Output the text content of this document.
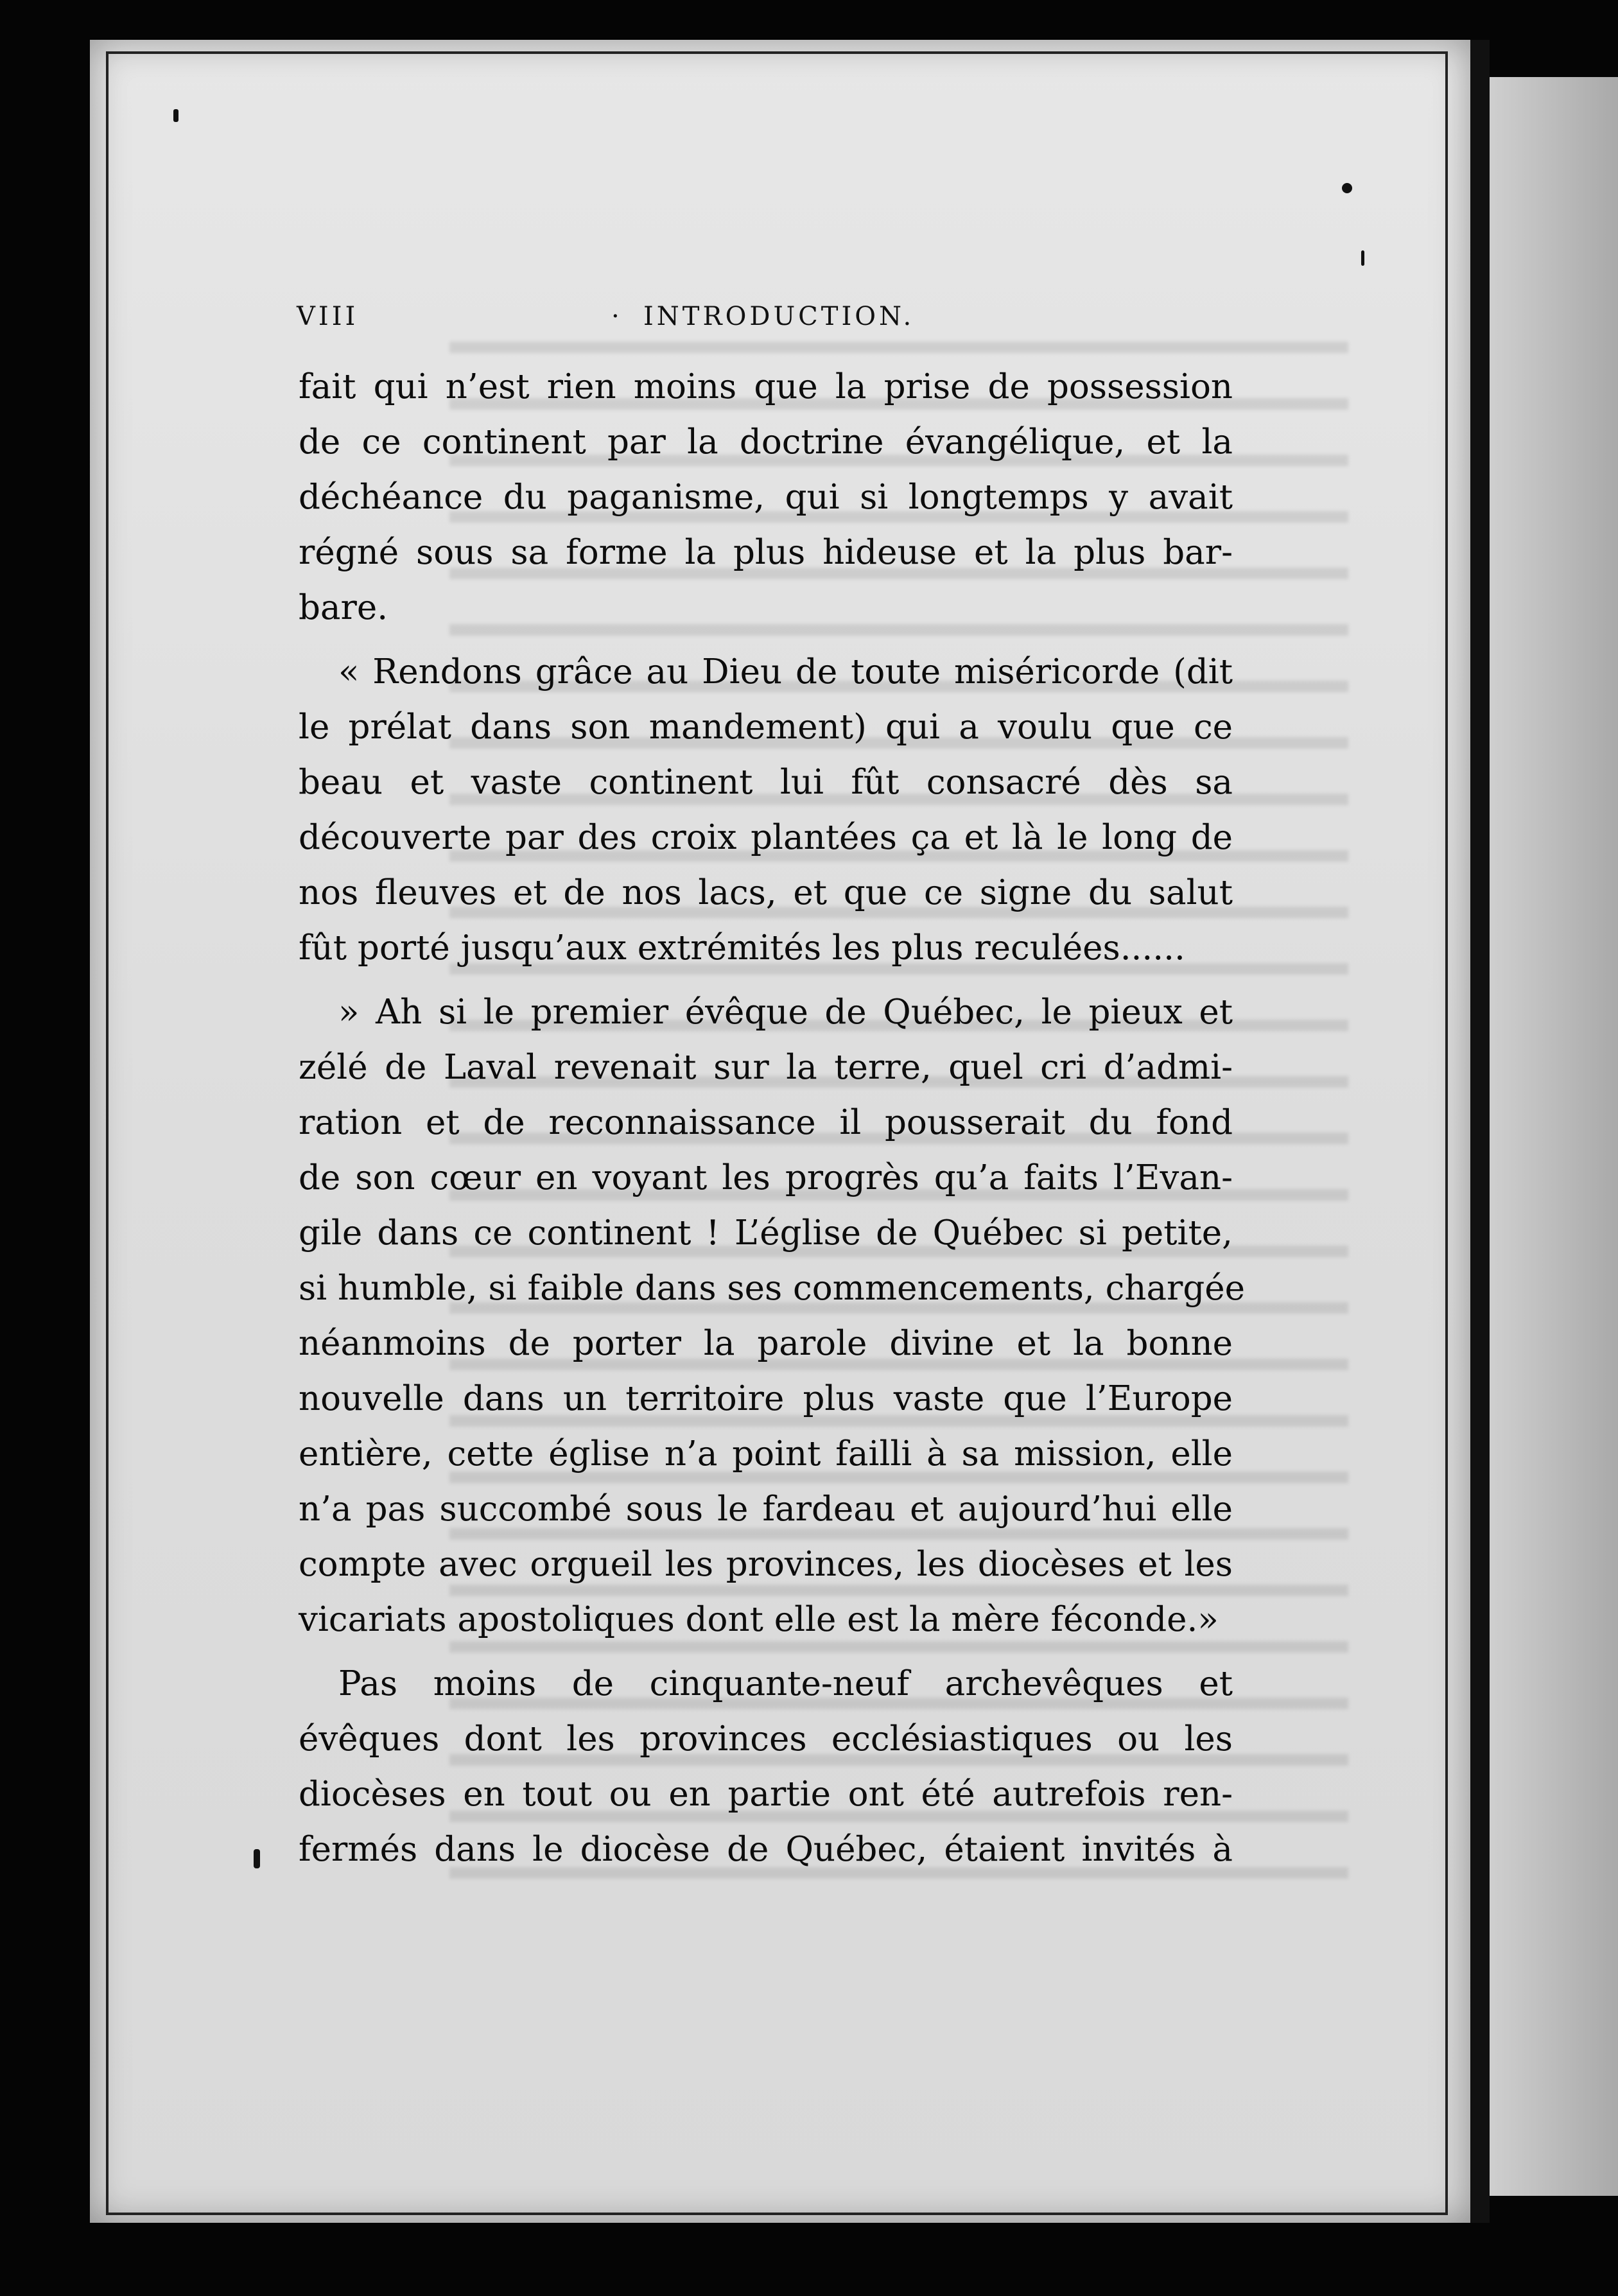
VIII	· INTRODUCTION.
fait qui n’est rien moins que la prise de possession
de ce continent par la doctrine évangélique, et la
déchéance du paganisme, qui si longtemps y avait
régné sous sa forme la plus hideuse et la plus bar-
bare.
« Rendons grâce au Dieu de toute miséricorde (dit
le prélat dans son mandement) qui a voulu que ce
beau et vaste continent lui fût consacré dès sa
découverte par des croix plantées ça et là le long de
nos fleuves et de nos lacs, et que ce signe du salut
fût porté jusqu’aux extrémités les plus reculées......
» Ah si le premier évêque de Québec, le pieux et
zélé de Laval revenait sur la terre, quel cri d’admi-
ration et de reconnaissance il pousserait du fond
de son cœur en voyant les progrès qu’a faits l’Evan-
gile dans ce continent ! L’église de Québec si petite,
si humble, si faible dans ses commencements, chargée
néanmoins de porter la parole divine et la bonne
nouvelle dans un territoire plus vaste que l’Europe
entière, cette église n’a point failli à sa mission, elle
n’a pas succombé sous le fardeau et aujourd’hui elle
compte avec orgueil les provinces, les diocèses et les
vicariats apostoliques dont elle est la mère féconde.»
Pas moins de cinquante-neuf archevêques et
évêques dont les provinces ecclésiastiques ou les
diocèses en tout ou en partie ont été autrefois ren-
fermés dans le diocèse de Québec, étaient invités à
